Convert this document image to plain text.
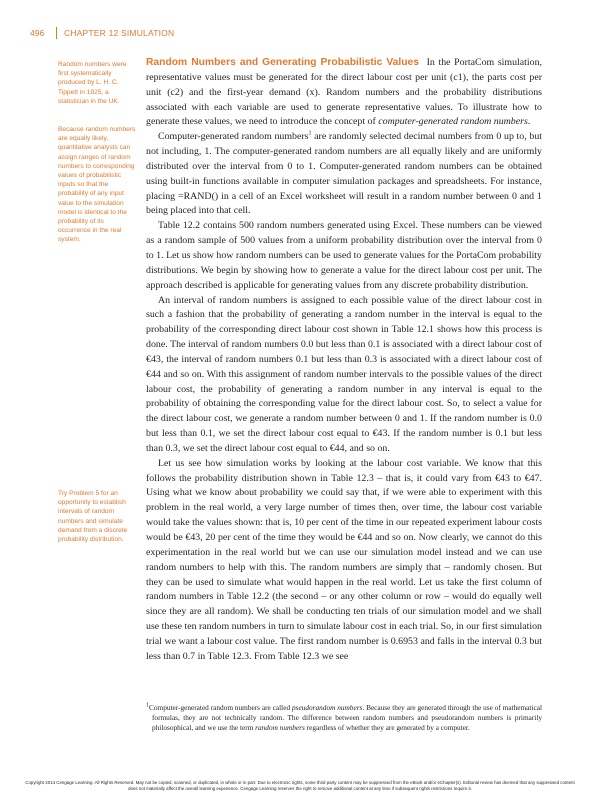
496 CHAPTER 12 SIMULATION
Random numbers were first systematically produced by L. H. C. Tippett in 1925, a statistician in the UK.
Because random numbers are equally likely, quantitative analysts can assign ranges of random numbers to corresponding values of probabilistic inputs so that the probability of any input value to the simulation model is identical to the probability of its occurrence in the real system.
Try Problem 5 for an opportunity to establish intervals of random numbers and simulate demand from a discrete probability distribution.

Random Numbers and Generating Probabilistic Values In the PortaCom simulation, representative values must be generated for the direct labour cost per unit (c1), the parts cost per unit (c2) and the first-year demand (x). Random numbers and the probability distributions associated with each variable are used to generate representative values. To illustrate how to generate these values, we need to introduce the concept of computer-generated random numbers.

Computer-generated random numbers$^1$ are randomly selected decimal numbers from 0 up to, but not including, 1. The computer-generated random numbers are all equally likely and are uniformly distributed over the interval from 0 to 1. Computer-generated random numbers can be obtained using built-in functions available in computer simulation packages and spreadsheets. For instance, placing =RAND() in a cell of an Excel worksheet will result in a random number between 0 and 1 being placed into that cell.

Table 12.2 contains 500 random numbers generated using Excel. These numbers can be viewed as a random sample of 500 values from a uniform probability distribution over the interval from 0 to 1. Let us show how random numbers can be used to generate values for the PortaCom probability distributions. We begin by showing how to generate a value for the direct labour cost per unit. The approach described is applicable for generating values from any discrete probability distribution.

An interval of random numbers is assigned to each possible value of the direct labour cost in such a fashion that the probability of generating a random number in the interval is equal to the probability of the corresponding direct labour cost shown in Table 12.1 shows how this process is done. The interval of random numbers 0.0 but less than 0.1 is associated with a direct labour cost of €43, the interval of random numbers 0.1 but less than 0.3 is associated with a direct labour cost of €44 and so on. With this assignment of random number intervals to the possible values of the direct labour cost, the probability of generating a random number in any interval is equal to the probability of obtaining the corresponding value for the direct labour cost. So, to select a value for the direct labour cost, we generate a random number between 0 and 1. If the random number is 0.0 but less than 0.1, we set the direct labour cost equal to €43. If the random number is 0.1 but less than 0.3, we set the direct labour cost equal to €44, and so on.

Let us see how simulation works by looking at the labour cost variable. We know that this follows the probability distribution shown in Table 12.3 – that is, it could vary from €43 to €47. Using what we know about probability we could say that, if we were able to experiment with this problem in the real world, a very large number of times then, over time, the labour cost variable would take the values shown: that is, 10 per cent of the time in our repeated experiment labour costs would be €43, 20 per cent of the time they would be €44 and so on. Now clearly, we cannot do this experimentation in the real world but we can use our simulation model instead and we can use random numbers to help with this. The random numbers are simply that – randomly chosen. But they can be used to simulate what would happen in the real world. Let us take the first column of random numbers in Table 12.2 (the second – or any other column or row – would do equally well since they are all random). We shall be conducting ten trials of our simulation model and we shall use these ten random numbers in turn to simulate labour cost in each trial. So, in our first simulation trial we want a labour cost value. The first random number is 0.6953 and falls in the interval 0.3 but less than 0.7 in Table 12.3. From Table 12.3 we see

$^1$Computer-generated random numbers are called pseudorandom numbers. Because they are generated through the use of mathematical formulas, they are not technically random. The difference between random numbers and pseudorandom numbers is primarily philosophical, and we use the term random numbers regardless of whether they are generated by a computer.

Copyright 2014 Cengage Learning. All Rights Reserved. May not be copied, scanned, or duplicated, in whole or in part. Due to electronic rights, some third party content may be suppressed from the eBook and/or eChapter(s). Editorial review has deemed that any suppressed content does not materially affect the overall learning experience. Cengage Learning reserves the right to remove additional content at any time if subsequent rights restrictions require it.
